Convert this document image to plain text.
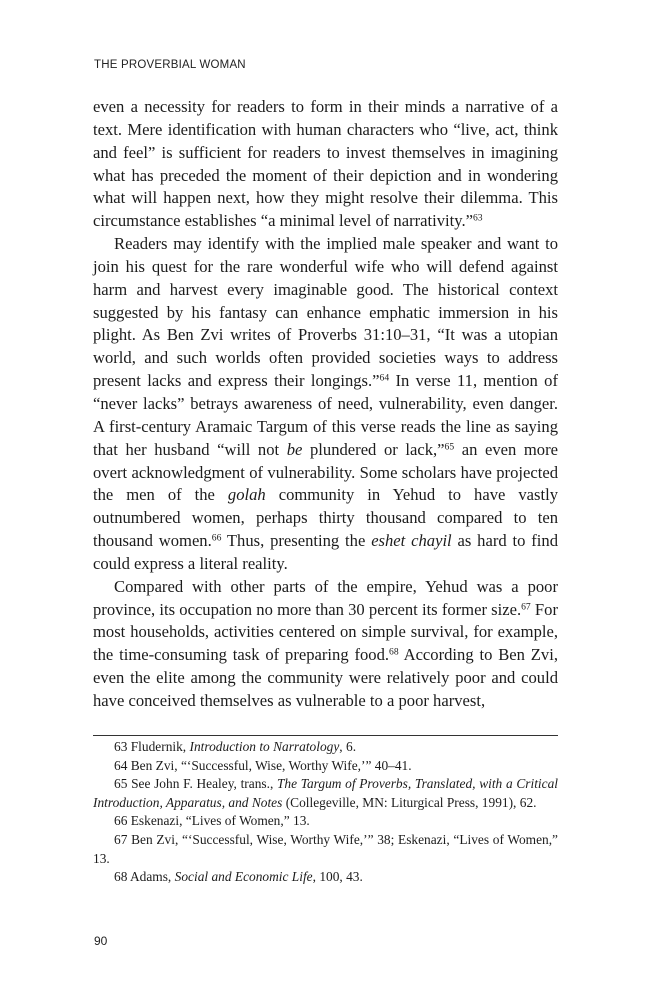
THE PROVERBIAL WOMAN

even a necessity for readers to form in their minds a narrative of a text. Mere identification with human characters who “live, act, think and feel” is sufficient for readers to invest themselves in imagining what has preceded the moment of their depiction and in wondering what will happen next, how they might resolve their dilemma. This circumstance establishes “a minimal level of narrativity.”$^{63}$

Readers may identify with the implied male speaker and want to join his quest for the rare wonderful wife who will defend against harm and harvest every imaginable good. The historical context suggested by his fantasy can enhance emphatic immersion in his plight. As Ben Zvi writes of Proverbs 31:10–31, “It was a utopian world, and such worlds often provided societies ways to address present lacks and express their longings.”$^{64}$ In verse 11, mention of “never lacks” betrays awareness of need, vulnerability, even danger. A first-century Aramaic Targum of this verse reads the line as saying that her husband “will not be plundered or lack,”$^{65}$ an even more overt acknowledgment of vulnerability. Some scholars have projected the men of the golah community in Yehud to have vastly outnumbered women, perhaps thirty thousand compared to ten thousand women.$^{66}$ Thus, presenting the eshet chayil as hard to find could express a literal reality.

Compared with other parts of the empire, Yehud was a poor province, its occupation no more than 30 percent its former size.$^{67}$ For most households, activities centered on simple survival, for example, the time-consuming task of preparing food.$^{68}$ According to Ben Zvi, even the elite among the community were relatively poor and could have conceived themselves as vulnerable to a poor harvest,

63 Fludernik, Introduction to Narratology, 6.

64 Ben Zvi, “‘Successful, Wise, Worthy Wife,’” 40–41.

65 See John F. Healey, trans., The Targum of Proverbs, Translated, with a Critical Introduction, Apparatus, and Notes (Collegeville, MN: Liturgical Press, 1991), 62.

66 Eskenazi, “Lives of Women,” 13.

67 Ben Zvi, “‘Successful, Wise, Worthy Wife,’” 38; Eskenazi, “Lives of Women,” 13.

68 Adams, Social and Economic Life, 100, 43.

90
